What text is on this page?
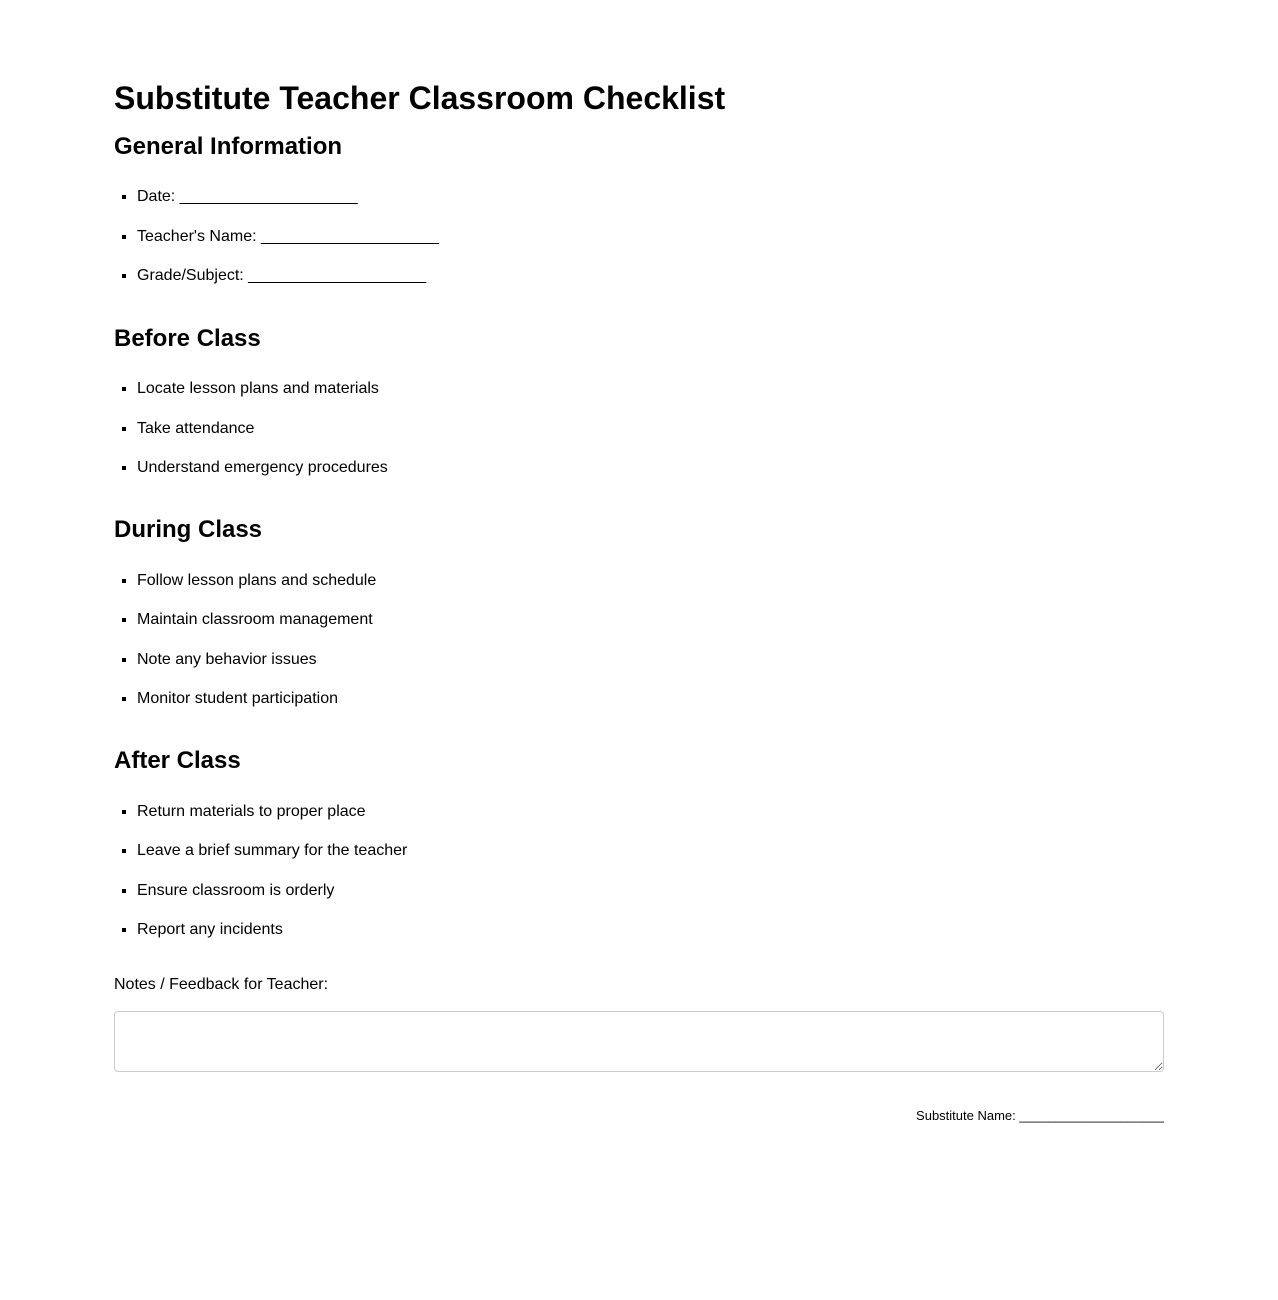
Substitute Teacher Classroom Checklist
General Information
▪ Date: ____________________
▪ Teacher's Name: ____________________
▪ Grade/Subject: ____________________
Before Class
▪ Locate lesson plans and materials
▪ Take attendance
▪ Understand emergency procedures
During Class
▪ Follow lesson plans and schedule
▪ Maintain classroom management
▪ Note any behavior issues
▪ Monitor student participation
After Class
▪ Return materials to proper place
▪ Leave a brief summary for the teacher
▪ Ensure classroom is orderly
▪ Report any incidents

Notes / Feedback for Teacher:

Substitute Name: ____________________
